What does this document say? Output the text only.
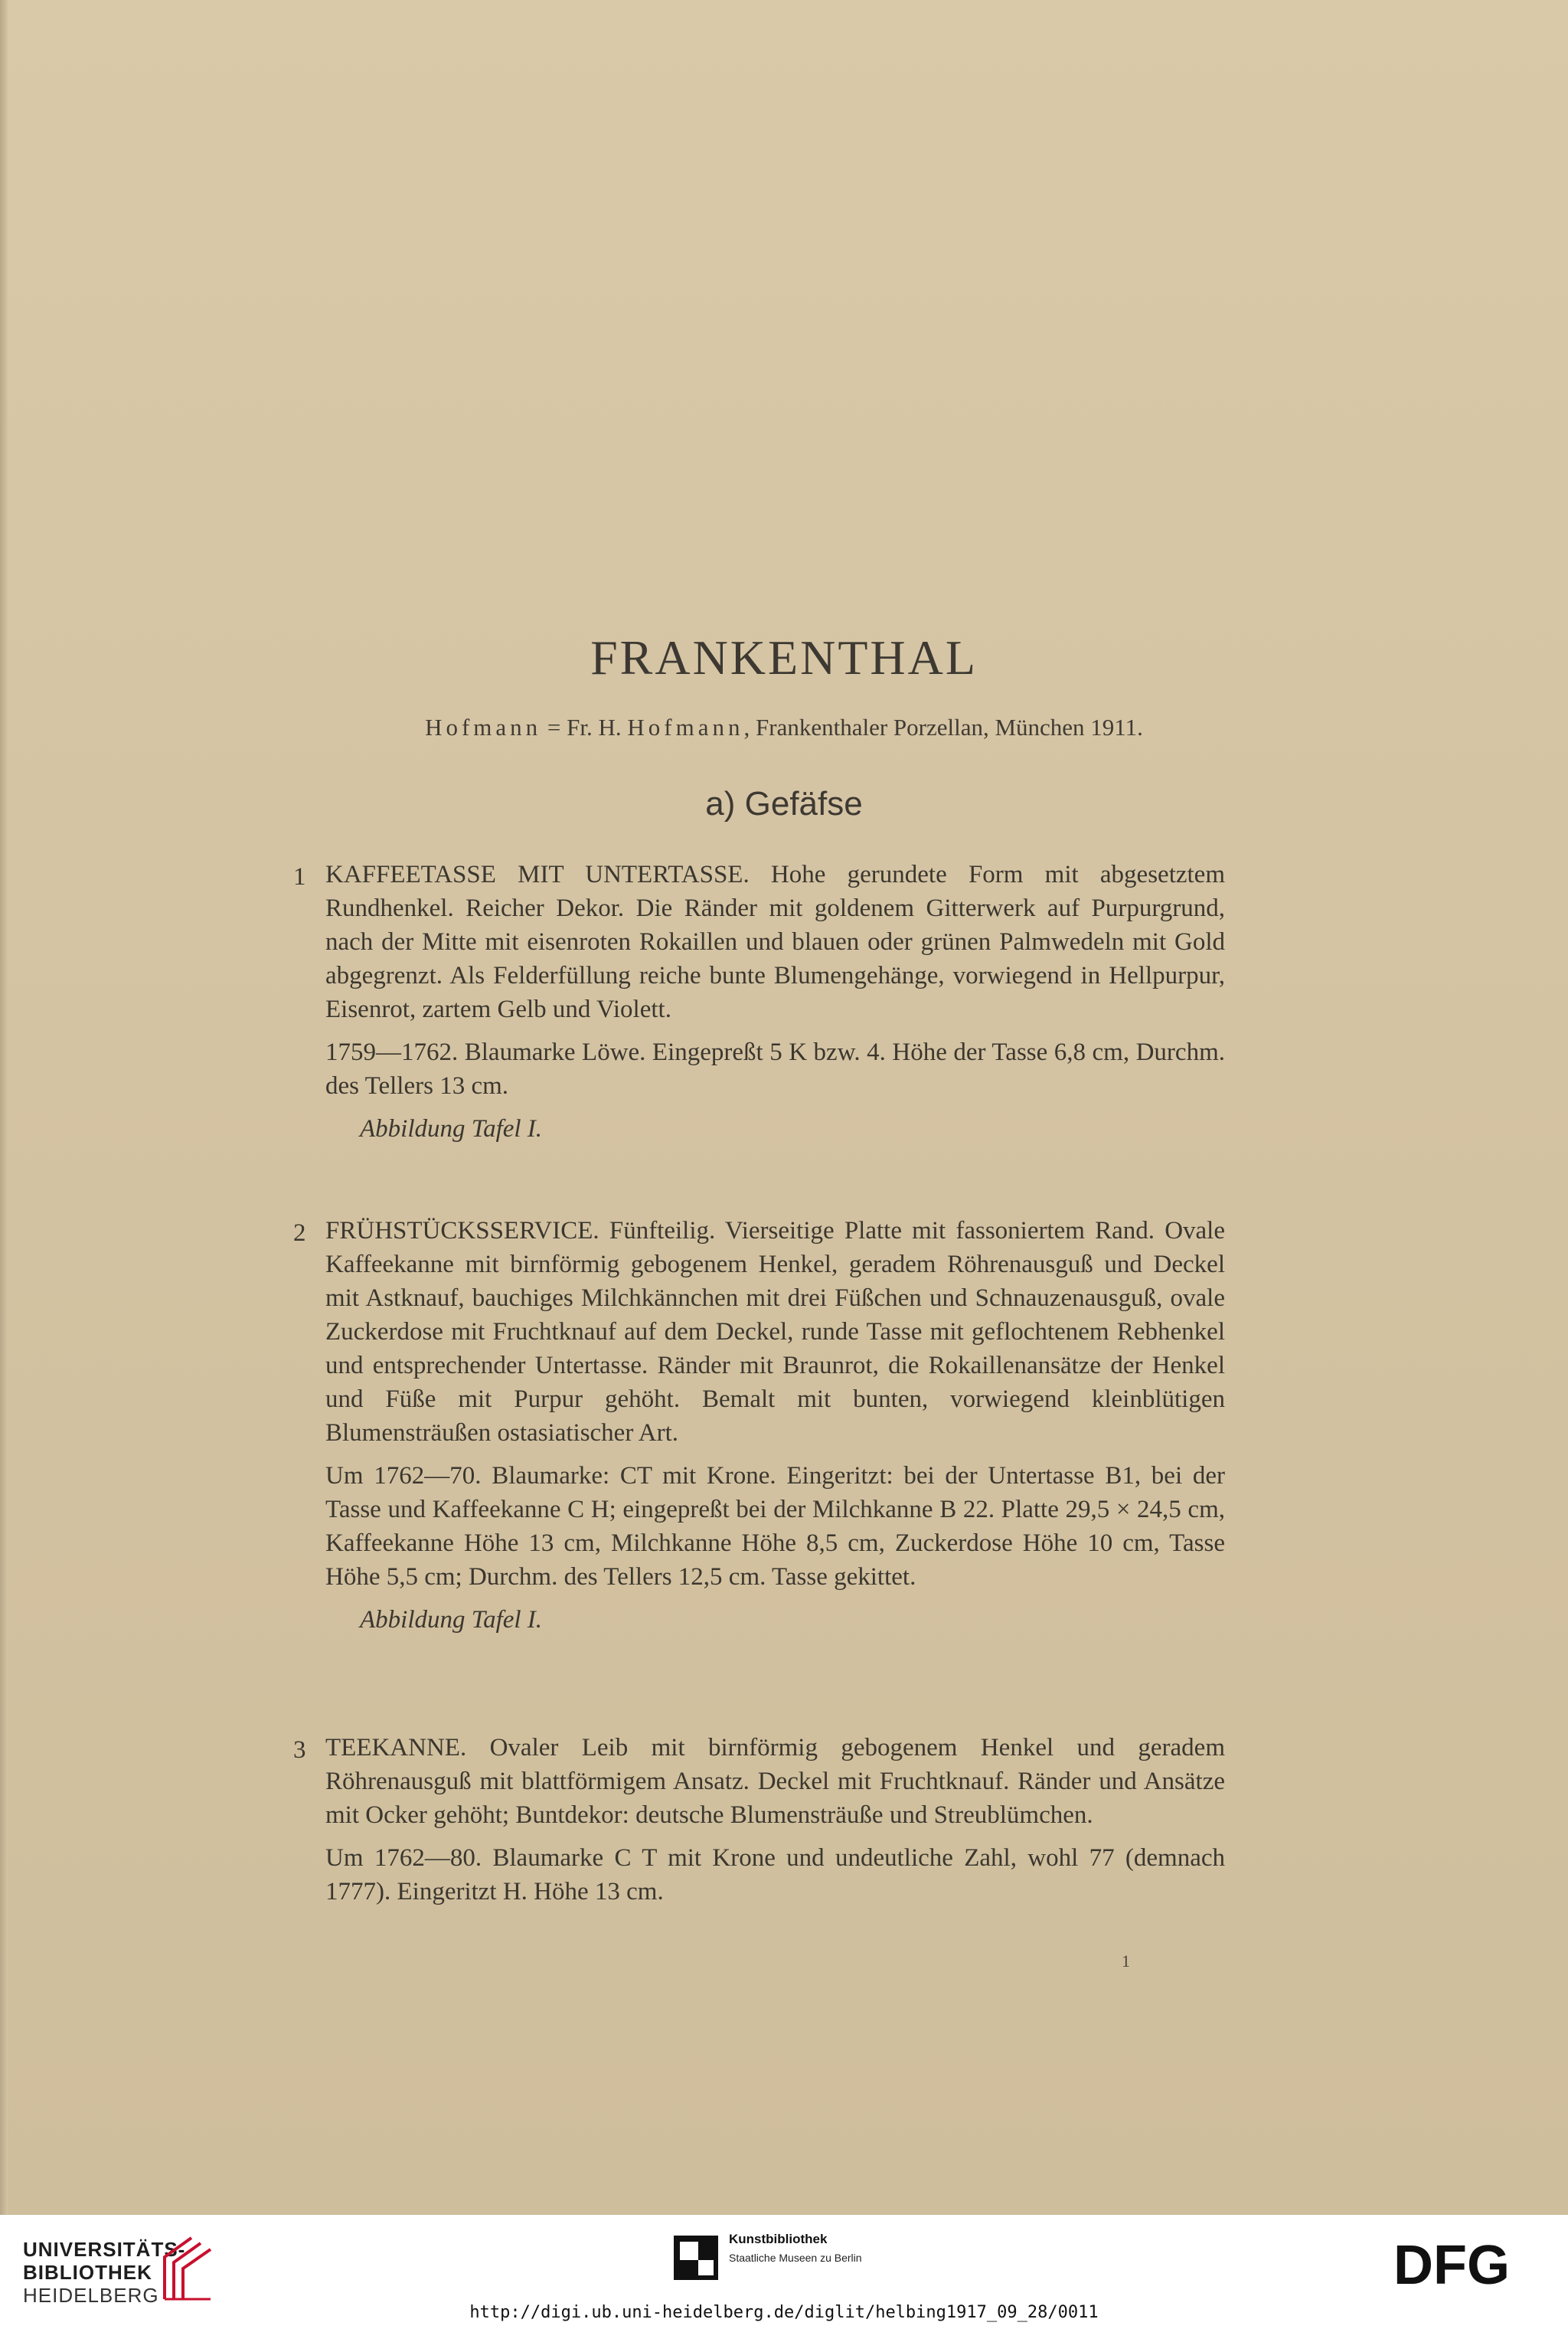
FRANKENTHAL
Hofmann = Fr. H. Hofmann, Frankenthaler Porzellan, München 1911.
a) Gefäfse
1 KAFFEETASSE MIT UNTERTASSE. Hohe gerundete Form mit abgesetztem Rundhenkel. Reicher Dekor. Die Ränder mit goldenem Gitterwerk auf Purpurgrund, nach der Mitte mit eisenroten Rokaillen und blauen oder grünen Palmwedeln mit Gold abgegrenzt. Als Felderfüllung reiche bunte Blumengehänge, vorwiegend in Hellpurpur, Eisenrot, zartem Gelb und Violett.

1759—1762. Blaumarke Löwe. Eingepreßt 5 K bzw. 4. Höhe der Tasse 6,8 cm, Durchm. des Tellers 13 cm.

Abbildung Tafel I.

2 FRÜHSTÜCKSSERVICE. Fünfteilig. Vierseitige Platte mit fassoniertem Rand. Ovale Kaffeekanne mit birnförmig gebogenem Henkel, geradem Röhrenausguß und Deckel mit Astknauf, bauchiges Milchkännchen mit drei Füßchen und Schnauzenausguß, ovale Zuckerdose mit Fruchtknauf auf dem Deckel, runde Tasse mit geflochtenem Rebhenkel und entsprechender Untertasse. Ränder mit Braunrot, die Rokaillenansätze der Henkel und Füße mit Purpur gehöht. Bemalt mit bunten, vorwiegend kleinblütigen Blumensträußen ostasiatischer Art.

Um 1762—70. Blaumarke: CT mit Krone. Eingeritzt: bei der Untertasse B1, bei der Tasse und Kaffeekanne C H; eingepreßt bei der Milchkanne B 22. Platte 29,5 × 24,5 cm, Kaffeekanne Höhe 13 cm, Milchkanne Höhe 8,5 cm, Zuckerdose Höhe 10 cm, Tasse Höhe 5,5 cm; Durchm. des Tellers 12,5 cm. Tasse gekittet.

Abbildung Tafel I.

3 TEEKANNE. Ovaler Leib mit birnförmig gebogenem Henkel und geradem Röhrenausguß mit blattförmigem Ansatz. Deckel mit Fruchtknauf. Ränder und Ansätze mit Ocker gehöht; Buntdekor: deutsche Blumensträuße und Streublümchen.

Um 1762—80. Blaumarke C T mit Krone und undeutliche Zahl, wohl 77 (demnach 1777). Eingeritzt H. Höhe 13 cm.

1
UNIVERSITÄTS-
BIBLIOTHEK
HEIDELBERG
Kunstbibliothek
Staatliche Museen zu Berlin	DFG
http://digi.ub.uni-heidelberg.de/diglit/helbing1917_09_28/0011
